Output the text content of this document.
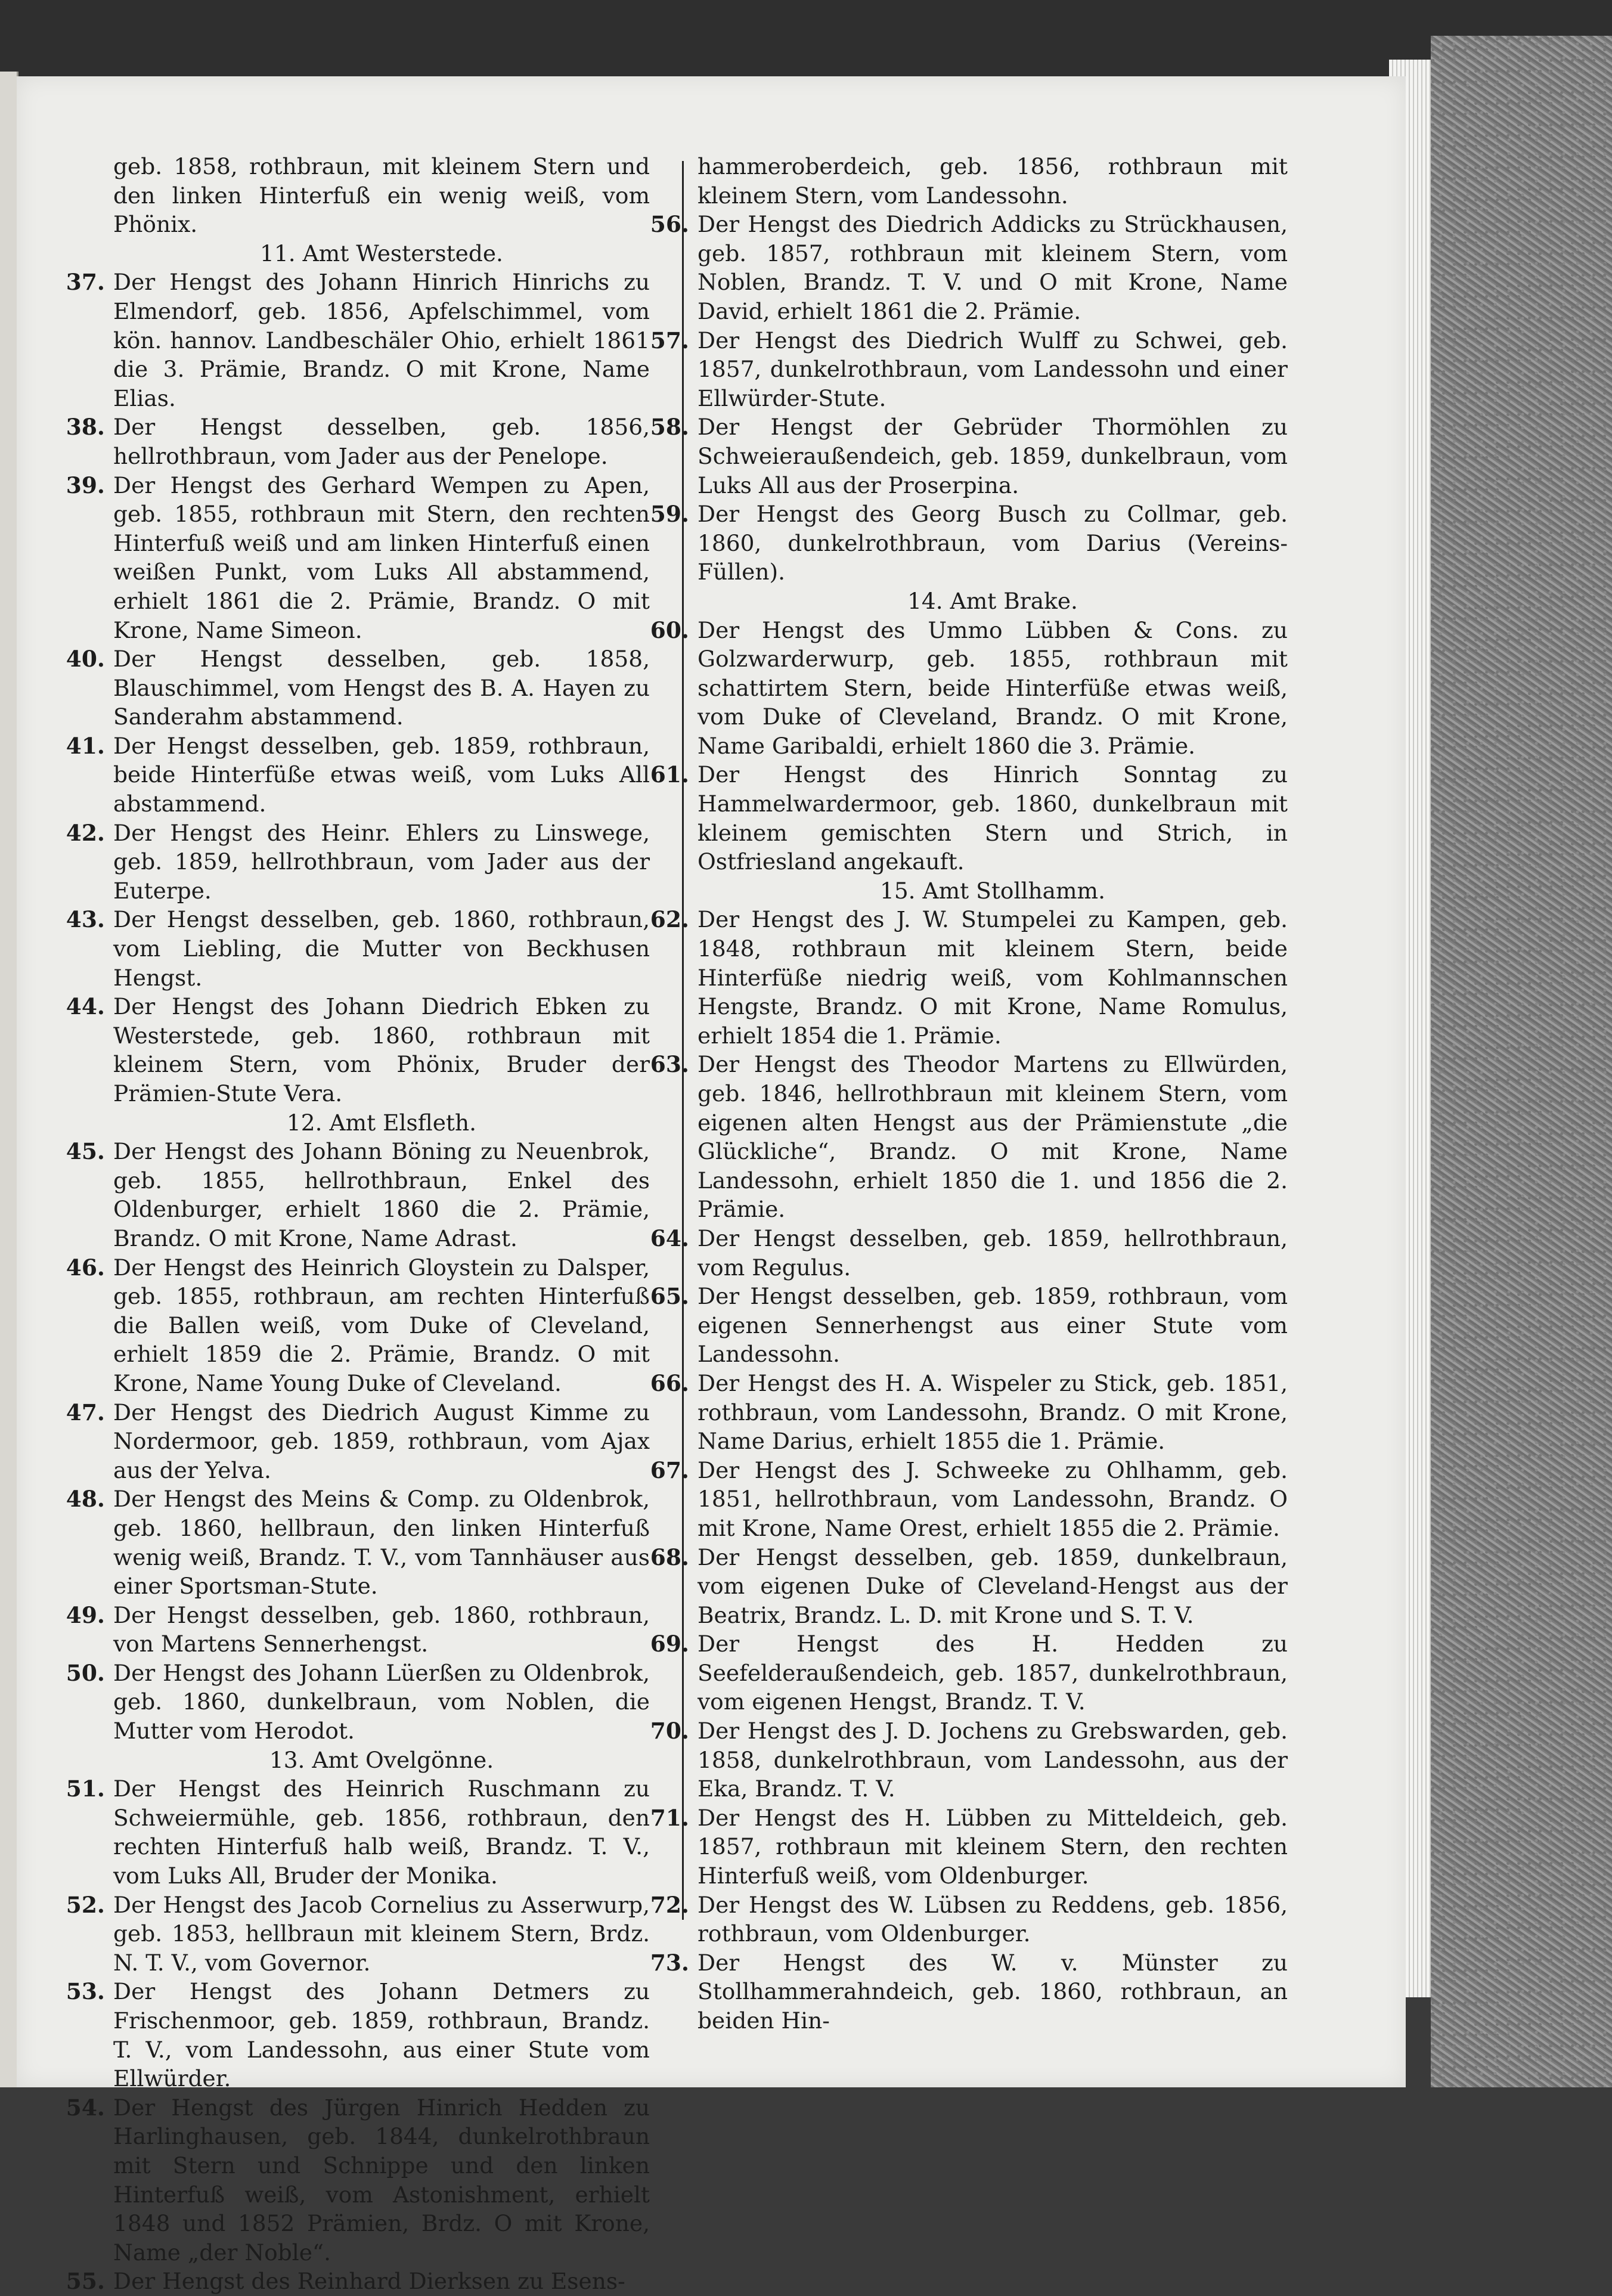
geb. 1858, rothbraun, mit kleinem Stern und den linken Hinterfuß ein wenig weiß, vom Phönix.
11. Amt Westerstede.
37. Der Hengst des Johann Hinrich Hinrichs zu Elmendorf, geb. 1856, Apfelschimmel, vom kön. hannov. Landbeschäler Ohio, erhielt 1861 die 3. Prämie, Brandz. O mit Krone, Name Elias.
38. Der Hengst desselben, geb. 1856, hellrothbraun, vom Jader aus der Penelope.
39. Der Hengst des Gerhard Wempen zu Apen, geb. 1855, rothbraun mit Stern, den rechten Hinterfuß weiß und am linken Hinterfuß einen weißen Punkt, vom Luks All abstammend, erhielt 1861 die 2. Prämie, Brandz. O mit Krone, Name Simeon.
40. Der Hengst desselben, geb. 1858, Blauschimmel, vom Hengst des B. A. Hayen zu Sanderahm abstammend.
41. Der Hengst desselben, geb. 1859, rothbraun, beide Hinterfüße etwas weiß, vom Luks All abstammend.
42. Der Hengst des Heinr. Ehlers zu Linswege, geb. 1859, hellrothbraun, vom Jader aus der Euterpe.
43. Der Hengst desselben, geb. 1860, rothbraun, vom Liebling, die Mutter von Beckhusen Hengst.
44. Der Hengst des Johann Diedrich Ebken zu Westerstede, geb. 1860, rothbraun mit kleinem Stern, vom Phönix, Bruder der Prämien-Stute Vera.
12. Amt Elsfleth.
45. Der Hengst des Johann Böning zu Neuenbrok, geb. 1855, hellrothbraun, Enkel des Oldenburger, erhielt 1860 die 2. Prämie, Brandz. O mit Krone, Name Adrast.
46. Der Hengst des Heinrich Gloystein zu Dalsper, geb. 1855, rothbraun, am rechten Hinterfuß die Ballen weiß, vom Duke of Cleveland, erhielt 1859 die 2. Prämie, Brandz. O mit Krone, Name Young Duke of Cleveland.
47. Der Hengst des Diedrich August Kimme zu Nordermoor, geb. 1859, rothbraun, vom Ajax aus der Yelva.
48. Der Hengst des Meins & Comp. zu Oldenbrok, geb. 1860, hellbraun, den linken Hinterfuß wenig weiß, Brandz. T. V., vom Tannhäuser aus einer Sportsman-Stute.
49. Der Hengst desselben, geb. 1860, rothbraun, von Martens Sennerhengst.
50. Der Hengst des Johann Lüerßen zu Oldenbrok, geb. 1860, dunkelbraun, vom Noblen, die Mutter vom Herodot.
13. Amt Ovelgönne.
51. Der Hengst des Heinrich Ruschmann zu Schweiermühle, geb. 1856, rothbraun, den rechten Hinterfuß halb weiß, Brandz. T. V., vom Luks All, Bruder der Monika.
52. Der Hengst des Jacob Cornelius zu Asserwurp, geb. 1853, hellbraun mit kleinem Stern, Brdz. N. T. V., vom Governor.
53. Der Hengst des Johann Detmers zu Frischenmoor, geb. 1859, rothbraun, Brandz. T. V., vom Landessohn, aus einer Stute vom Ellwürder.
54. Der Hengst des Jürgen Hinrich Hedden zu Harlinghausen, geb. 1844, dunkelrothbraun mit Stern und Schnippe und den linken Hinterfuß weiß, vom Astonishment, erhielt 1848 und 1852 Prämien, Brdz. O mit Krone, Name „der Noble“.
55. Der Hengst des Reinhard Dierksen zu Esens-
hammeroberdeich, geb. 1856, rothbraun mit kleinem Stern, vom Landessohn.
56. Der Hengst des Diedrich Addicks zu Strückhausen, geb. 1857, rothbraun mit kleinem Stern, vom Noblen, Brandz. T. V. und O mit Krone, Name David, erhielt 1861 die 2. Prämie.
57. Der Hengst des Diedrich Wulff zu Schwei, geb. 1857, dunkelrothbraun, vom Landessohn und einer Ellwürder-Stute.
58. Der Hengst der Gebrüder Thormöhlen zu Schweieraußendeich, geb. 1859, dunkelbraun, vom Luks All aus der Proserpina.
59. Der Hengst des Georg Busch zu Collmar, geb. 1860, dunkelrothbraun, vom Darius (Vereins-Füllen).
14. Amt Brake.
60. Der Hengst des Ummo Lübben & Cons. zu Golzwarderwurp, geb. 1855, rothbraun mit schattirtem Stern, beide Hinterfüße etwas weiß, vom Duke of Cleveland, Brandz. O mit Krone, Name Garibaldi, erhielt 1860 die 3. Prämie.
61. Der Hengst des Hinrich Sonntag zu Hammelwardermoor, geb. 1860, dunkelbraun mit kleinem gemischten Stern und Strich, in Ostfriesland angekauft.
15. Amt Stollhamm.
62. Der Hengst des J. W. Stumpelei zu Kampen, geb. 1848, rothbraun mit kleinem Stern, beide Hinterfüße niedrig weiß, vom Kohlmannschen Hengste, Brandz. O mit Krone, Name Romulus, erhielt 1854 die 1. Prämie.
63. Der Hengst des Theodor Martens zu Ellwürden, geb. 1846, hellrothbraun mit kleinem Stern, vom eigenen alten Hengst aus der Prämienstute „die Glückliche“, Brandz. O mit Krone, Name Landessohn, erhielt 1850 die 1. und 1856 die 2. Prämie.
64. Der Hengst desselben, geb. 1859, hellrothbraun, vom Regulus.
65. Der Hengst desselben, geb. 1859, rothbraun, vom eigenen Sennerhengst aus einer Stute vom Landessohn.
66. Der Hengst des H. A. Wispeler zu Stick, geb. 1851, rothbraun, vom Landessohn, Brandz. O mit Krone, Name Darius, erhielt 1855 die 1. Prämie.
67. Der Hengst des J. Schweeke zu Ohlhamm, geb. 1851, hellrothbraun, vom Landessohn, Brandz. O mit Krone, Name Orest, erhielt 1855 die 2. Prämie.
68. Der Hengst desselben, geb. 1859, dunkelbraun, vom eigenen Duke of Cleveland-Hengst aus der Beatrix, Brandz. L. D. mit Krone und S. T. V.
69. Der Hengst des H. Hedden zu Seefelderaußendeich, geb. 1857, dunkelrothbraun, vom eigenen Hengst, Brandz. T. V.
70. Der Hengst des J. D. Jochens zu Grebswarden, geb. 1858, dunkelrothbraun, vom Landessohn, aus der Eka, Brandz. T. V.
71. Der Hengst des H. Lübben zu Mitteldeich, geb. 1857, rothbraun mit kleinem Stern, den rechten Hinterfuß weiß, vom Oldenburger.
72. Der Hengst des W. Lübsen zu Reddens, geb. 1856, rothbraun, vom Oldenburger.
73. Der Hengst des W. v. Münster zu Stollhammerahndeich, geb. 1860, rothbraun, an beiden Hin-
